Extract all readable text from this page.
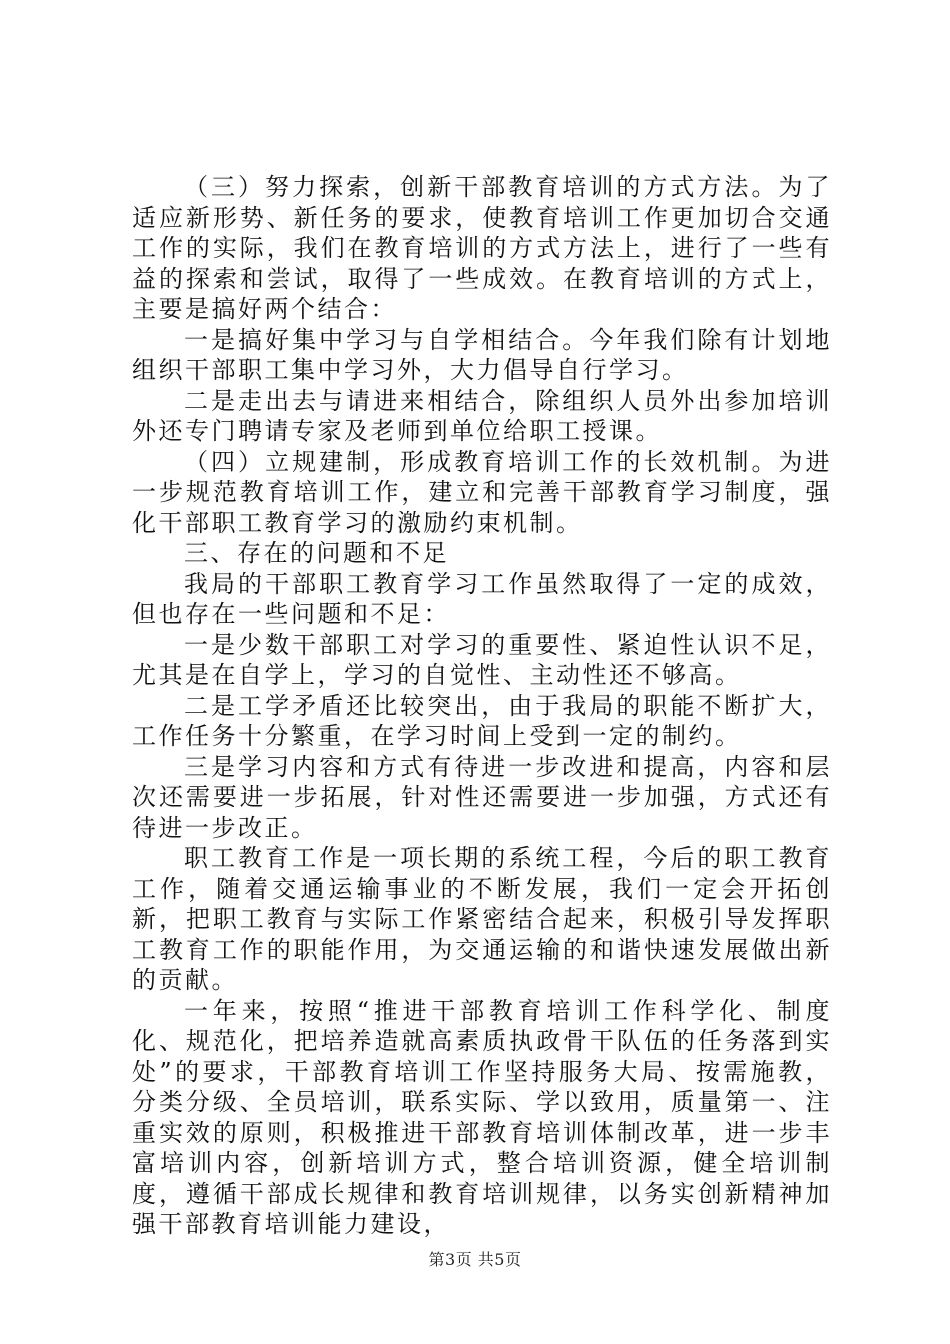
（三）努力探索，创新干部教育培训的方式方法。为了适应新形势、新任务的要求，使教育培训工作更加切合交通工作的实际，我们在教育培训的方式方法上，进行了一些有益的探索和尝试，取得了一些成效。在教育培训的方式上，主要是搞好两个结合：

一是搞好集中学习与自学相结合。今年我们除有计划地组织干部职工集中学习外，大力倡导自行学习。

二是走出去与请进来相结合，除组织人员外出参加培训外还专门聘请专家及老师到单位给职工授课。

（四）立规建制，形成教育培训工作的长效机制。为进一步规范教育培训工作，建立和完善干部教育学习制度，强化干部职工教育学习的激励约束机制。

三、存在的问题和不足

我局的干部职工教育学习工作虽然取得了一定的成效，但也存在一些问题和不足：

一是少数干部职工对学习的重要性、紧迫性认识不足，尤其是在自学上，学习的自觉性、主动性还不够高。

二是工学矛盾还比较突出，由于我局的职能不断扩大，工作任务十分繁重，在学习时间上受到一定的制约。

三是学习内容和方式有待进一步改进和提高，内容和层次还需要进一步拓展，针对性还需要进一步加强，方式还有待进一步改正。

职工教育工作是一项长期的系统工程，今后的职工教育工作，随着交通运输事业的不断发展，我们一定会开拓创新，把职工教育与实际工作紧密结合起来，积极引导发挥职工教育工作的职能作用，为交通运输的和谐快速发展做出新的贡献。

一年来，按照“推进干部教育培训工作科学化、制度化、规范化，把培养造就高素质执政骨干队伍的任务落到实处”的要求，干部教育培训工作坚持服务大局、按需施教，分类分级、全员培训，联系实际、学以致用，质量第一、注重实效的原则，积极推进干部教育培训体制改革，进一步丰富培训内容，创新培训方式，整合培训资源，健全培训制度，遵循干部成长规律和教育培训规律，以务实创新精神加强干部教育培训能力建设，

第3页 共5页
